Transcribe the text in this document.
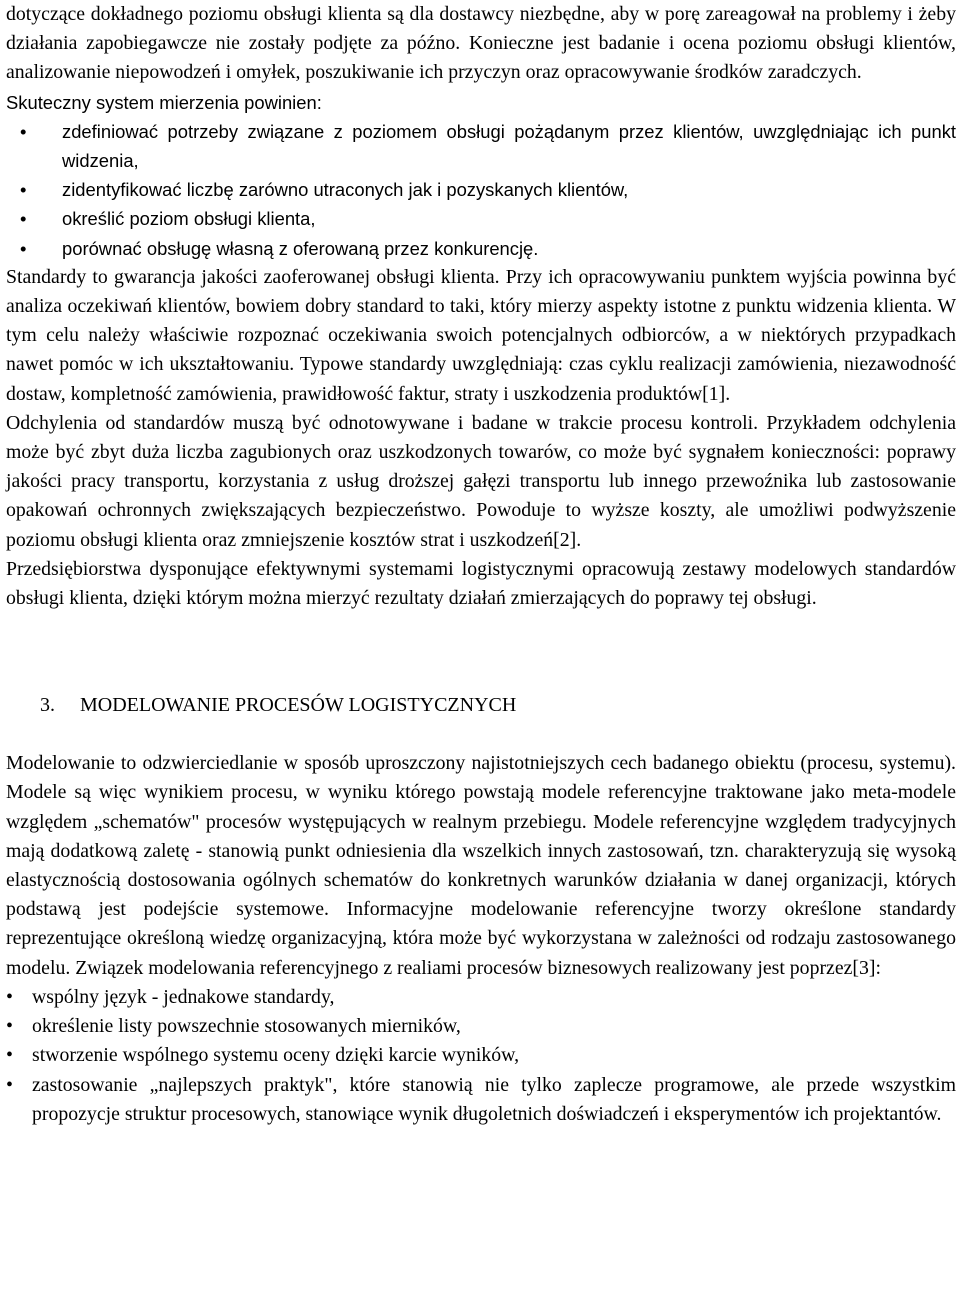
dotyczące dokładnego poziomu obsługi klienta są dla dostawcy niezbędne, aby w porę zareagował na problemy i żeby działania zapobiegawcze nie zostały podjęte za późno. Konieczne jest badanie i ocena poziomu obsługi klientów, analizowanie niepowodzeń i omyłek, poszukiwanie ich przyczyn oraz opracowywanie środków zaradczych.

Skuteczny system mierzenia powinien:

• zdefiniować potrzeby związane z poziomem obsługi pożądanym przez klientów, uwzględniając ich punkt widzenia,
• zidentyfikować liczbę zarówno utraconych jak i pozyskanych klientów,
• określić poziom obsługi klienta,
• porównać obsługę własną z oferowaną przez konkurencję.

Standardy to gwarancja jakości zaoferowanej obsługi klienta. Przy ich opracowywaniu punktem wyjścia powinna być analiza oczekiwań klientów, bowiem dobry standard to taki, który mierzy aspekty istotne z punktu widzenia klienta. W tym celu należy właściwie rozpoznać oczekiwania swoich potencjalnych odbiorców, a w niektórych przypadkach nawet pomóc w ich ukształtowaniu. Typowe standardy uwzględniają: czas cyklu realizacji zamówienia, niezawodność dostaw, kompletność zamówienia, prawidłowość faktur, straty i uszkodzenia produktów[1].

Odchylenia od standardów muszą być odnotowywane i badane w trakcie procesu kontroli. Przykładem odchylenia może być zbyt duża liczba zagubionych oraz uszkodzonych towarów, co może być sygnałem konieczności: poprawy jakości pracy transportu, korzystania z usług droższej gałęzi transportu lub innego przewoźnika lub zastosowanie opakowań ochronnych zwiększających bezpieczeństwo. Powoduje to wyższe koszty, ale umożliwi podwyższenie poziomu obsługi klienta oraz zmniejszenie kosztów strat i uszkodzeń[2].

Przedsiębiorstwa dysponujące efektywnymi systemami logistycznymi opracowują zestawy modelowych standardów obsługi klienta, dzięki którym można mierzyć rezultaty działań zmierzających do poprawy tej obsługi.

3. MODELOWANIE PROCESÓW LOGISTYCZNYCH

Modelowanie to odzwierciedlanie w sposób uproszczony najistotniejszych cech badanego obiektu (procesu, systemu). Modele są więc wynikiem procesu, w wyniku którego powstają modele referencyjne traktowane jako meta-modele względem „schematów" procesów występujących w realnym przebiegu. Modele referencyjne względem tradycyjnych mają dodatkową zaletę - stanowią punkt odniesienia dla wszelkich innych zastosowań, tzn. charakteryzują się wysoką elastycznością dostosowania ogólnych schematów do konkretnych warunków działania w danej organizacji, których podstawą jest podejście systemowe. Informacyjne modelowanie referencyjne tworzy określone standardy reprezentujące określoną wiedzę organizacyjną, która może być wykorzystana w zależności od rodzaju zastosowanego modelu. Związek modelowania referencyjnego z realiami procesów biznesowych realizowany jest poprzez[3]:

• wspólny język - jednakowe standardy,
• określenie listy powszechnie stosowanych mierników,
• stworzenie wspólnego systemu oceny dzięki karcie wyników,
• zastosowanie „najlepszych praktyk", które stanowią nie tylko zaplecze programowe, ale przede wszystkim propozycje struktur procesowych, stanowiące wynik długoletnich doświadczeń i eksperymentów ich projektantów.
